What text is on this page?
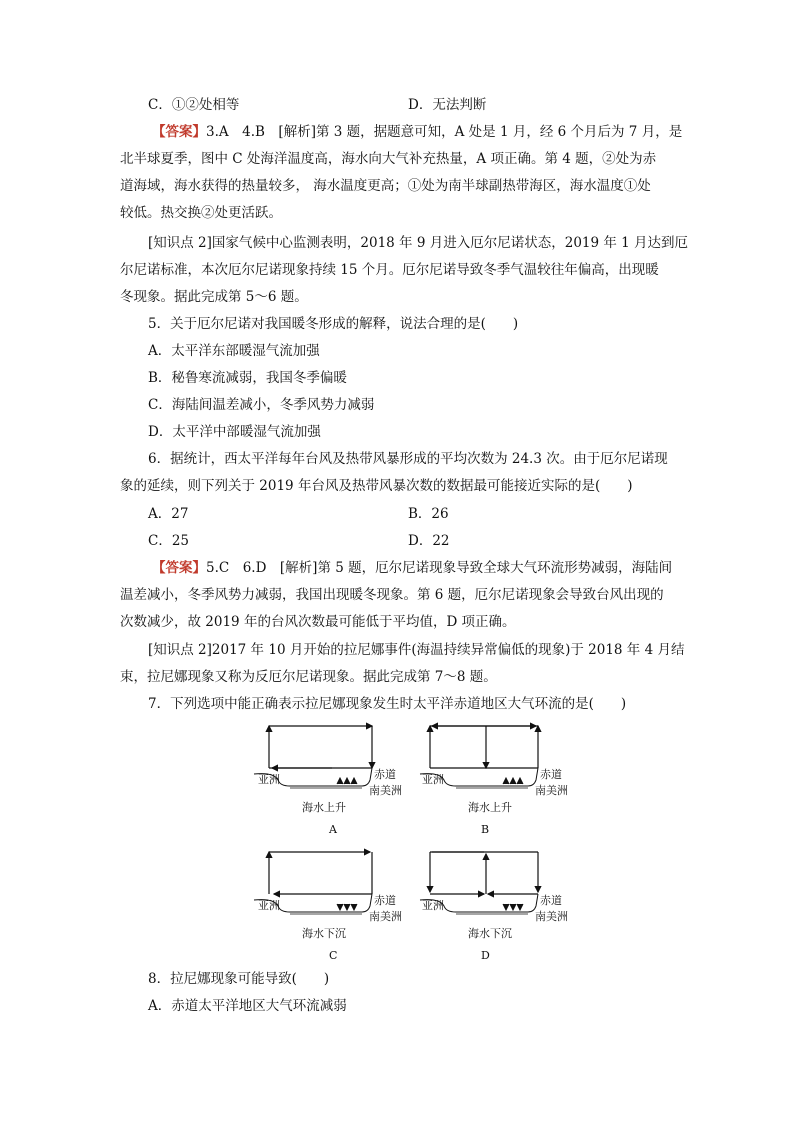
C．①②处相等	D．无法判断
【答案】3.A　4.B　[解析]第 3 题，据题意可知，A 处是 1 月，经 6 个月后为 7 月，是
北半球夏季，图中 C 处海洋温度高，海水向大气补充热量，A 项正确。第 4 题，②处为赤
道海域，海水获得的热量较多， 海水温度更高；①处为南半球副热带海区，海水温度①处
较低。热交换②处更活跃。
[知识点 2]国家气候中心监测表明，2018 年 9 月进入厄尔尼诺状态，2019 年 1 月达到厄
尔尼诺标准，本次厄尔尼诺现象持续 15 个月。厄尔尼诺导致冬季气温较往年偏高，出现暖
冬现象。据此完成第 5～6 题。
5．关于厄尔尼诺对我国暖冬形成的解释，说法合理的是(　　)
A．太平洋东部暖湿气流加强
B．秘鲁寒流减弱，我国冬季偏暖
C．海陆间温差减小，冬季风势力减弱
D．太平洋中部暖湿气流加强
6．据统计，西太平洋每年台风及热带风暴形成的平均次数为 24.3 次。由于厄尔尼诺现
象的延续，则下列关于 2019 年台风及热带风暴次数的数据最可能接近实际的是(　　)
A．27	B．26
C．25	D．22
【答案】5.C　6.D　[解析]第 5 题，厄尔尼诺现象导致全球大气环流形势减弱，海陆间
温差减小，冬季风势力减弱，我国出现暖冬现象。第 6 题，厄尔尼诺现象会导致台风出现的
次数减少，故 2019 年的台风次数最可能低于平均值，D 项正确。
[知识点 2]2017 年 10 月开始的拉尼娜事件(海温持续异常偏低的现象)于 2018 年 4 月结
束，拉尼娜现象又称为反厄尔尼诺现象。据此完成第 7～8 题。
7．下列选项中能正确表示拉尼娜现象发生时太平洋赤道地区大气环流的是(　　)
亚洲	赤道
南美洲
海水上升
A
亚洲	赤道
南美洲
海水上升
B
亚洲	赤道
南美洲
海水下沉
C
亚洲	赤道
南美洲
海水下沉
D
8．拉尼娜现象可能导致(　　)
A．赤道太平洋地区大气环流减弱
